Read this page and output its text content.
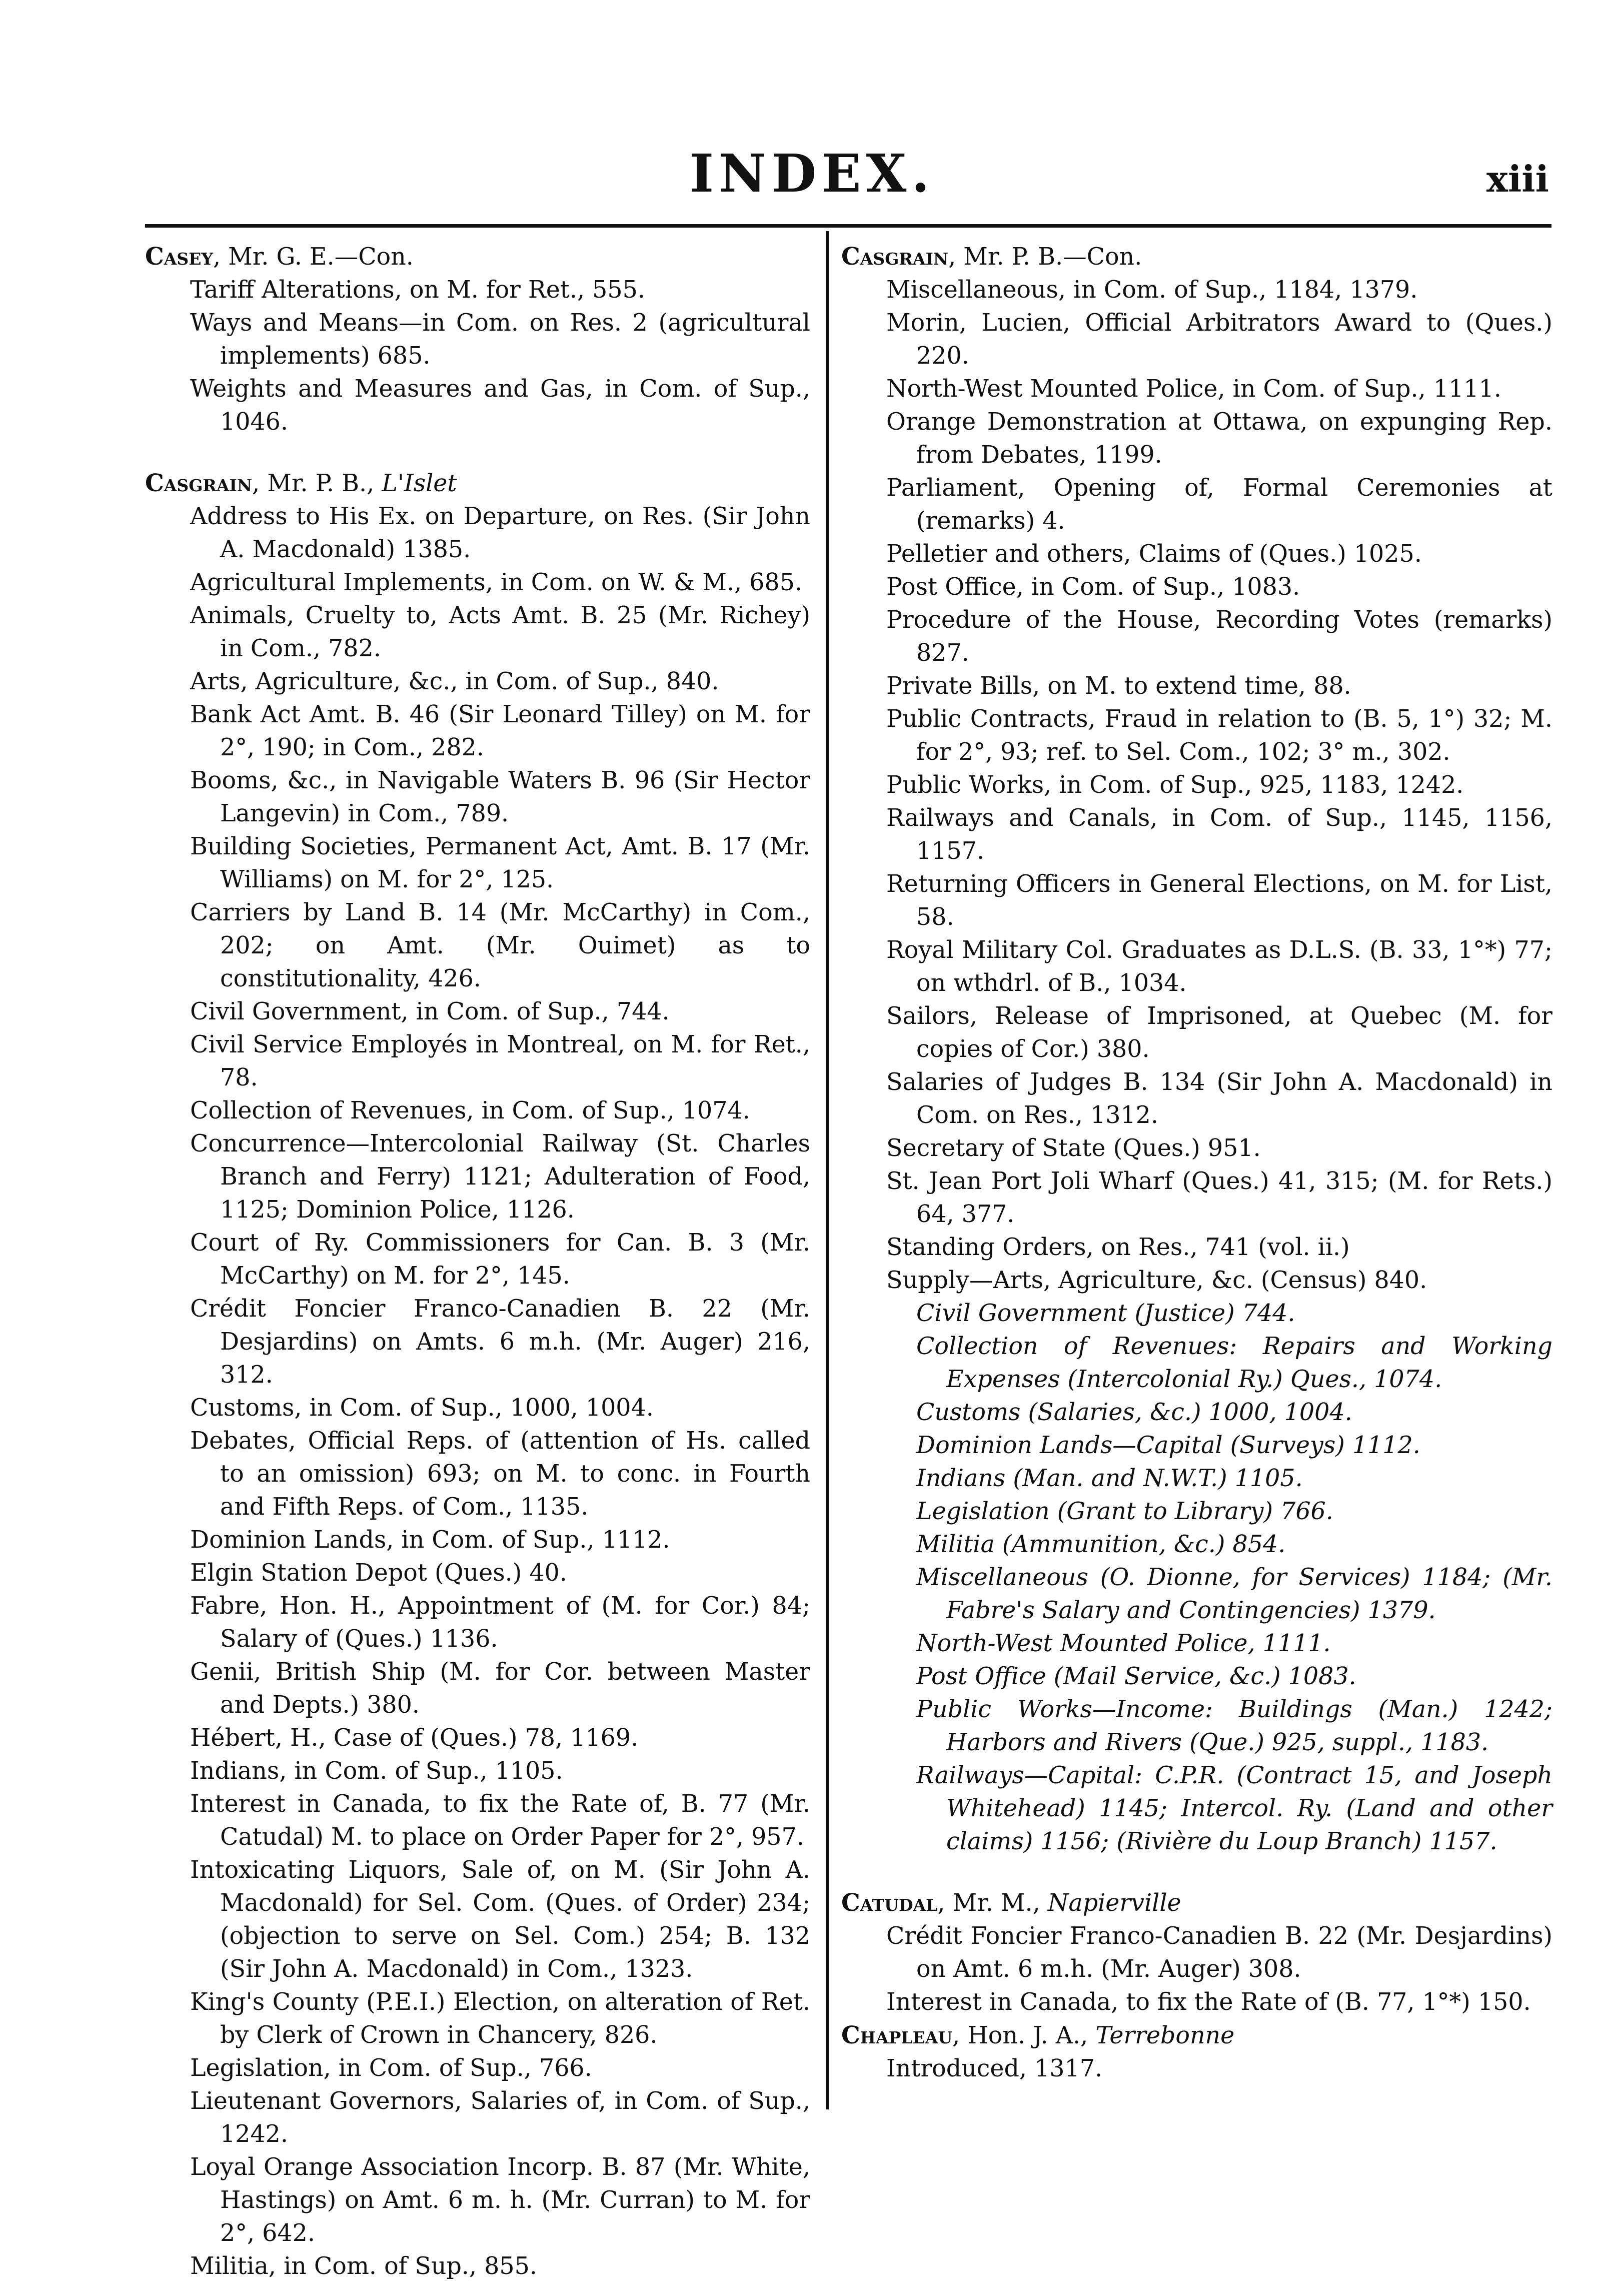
INDEX.	xiii
Casey, Mr. G. E.—Con.
Tariff Alterations, on M. for Ret., 555.
Ways and Means—in Com. on Res. 2 (agricultural implements) 685.
Weights and Measures and Gas, in Com. of Sup., 1046.
Casgrain, Mr. P. B., L'Islet
Address to His Ex. on Departure, on Res. (Sir John A. Macdonald) 1385.
Agricultural Implements, in Com. on W. & M., 685.
Animals, Cruelty to, Acts Amt. B. 25 (Mr. Richey) in Com., 782.
Arts, Agriculture, &c., in Com. of Sup., 840.
Bank Act Amt. B. 46 (Sir Leonard Tilley) on M. for 2°, 190; in Com., 282.
Booms, &c., in Navigable Waters B. 96 (Sir Hector Langevin) in Com., 789.
Building Societies, Permanent Act, Amt. B. 17 (Mr. Williams) on M. for 2°, 125.
Carriers by Land B. 14 (Mr. McCarthy) in Com., 202; on Amt. (Mr. Ouimet) as to constitutionality, 426.
Civil Government, in Com. of Sup., 744.
Civil Service Employés in Montreal, on M. for Ret., 78.
Collection of Revenues, in Com. of Sup., 1074.
Concurrence—Intercolonial Railway (St. Charles Branch and Ferry) 1121; Adulteration of Food, 1125; Dominion Police, 1126.
Court of Ry. Commissioners for Can. B. 3 (Mr. McCarthy) on M. for 2°, 145.
Crédit Foncier Franco-Canadien B. 22 (Mr. Desjardins) on Amts. 6 m.h. (Mr. Auger) 216, 312.
Customs, in Com. of Sup., 1000, 1004.
Debates, Official Reps. of (attention of Hs. called to an omission) 693; on M. to conc. in Fourth and Fifth Reps. of Com., 1135.
Dominion Lands, in Com. of Sup., 1112.
Elgin Station Depot (Ques.) 40.
Fabre, Hon. H., Appointment of (M. for Cor.) 84; Salary of (Ques.) 1136.
Genii, British Ship (M. for Cor. between Master and Depts.) 380.
Hébert, H., Case of (Ques.) 78, 1169.
Indians, in Com. of Sup., 1105.
Interest in Canada, to fix the Rate of, B. 77 (Mr. Catudal) M. to place on Order Paper for 2°, 957.
Intoxicating Liquors, Sale of, on M. (Sir John A. Macdonald) for Sel. Com. (Ques. of Order) 234; (objection to serve on Sel. Com.) 254; B. 132 (Sir John A. Macdonald) in Com., 1323.
King's County (P.E.I.) Election, on alteration of Ret. by Clerk of Crown in Chancery, 826.
Legislation, in Com. of Sup., 766.
Lieutenant Governors, Salaries of, in Com. of Sup., 1242.
Loyal Orange Association Incorp. B. 87 (Mr. White, Hastings) on Amt. 6 m. h. (Mr. Curran) to M. for 2°, 642.
Militia, in Com. of Sup., 855.
Casgrain, Mr. P. B.—Con.
Miscellaneous, in Com. of Sup., 1184, 1379.
Morin, Lucien, Official Arbitrators Award to (Ques.) 220.
North-West Mounted Police, in Com. of Sup., 1111.
Orange Demonstration at Ottawa, on expunging Rep. from Debates, 1199.
Parliament, Opening of, Formal Ceremonies at (remarks) 4.
Pelletier and others, Claims of (Ques.) 1025.
Post Office, in Com. of Sup., 1083.
Procedure of the House, Recording Votes (remarks) 827.
Private Bills, on M. to extend time, 88.
Public Contracts, Fraud in relation to (B. 5, 1°) 32; M. for 2°, 93; ref. to Sel. Com., 102; 3° m., 302.
Public Works, in Com. of Sup., 925, 1183, 1242.
Railways and Canals, in Com. of Sup., 1145, 1156, 1157.
Returning Officers in General Elections, on M. for List, 58.
Royal Military Col. Graduates as D.L.S. (B. 33, 1°*) 77; on wthdrl. of B., 1034.
Sailors, Release of Imprisoned, at Quebec (M. for copies of Cor.) 380.
Salaries of Judges B. 134 (Sir John A. Macdonald) in Com. on Res., 1312.
Secretary of State (Ques.) 951.
St. Jean Port Joli Wharf (Ques.) 41, 315; (M. for Rets.) 64, 377.
Standing Orders, on Res., 741 (vol. ii.)
Supply—Arts, Agriculture, &c. (Census) 840.
Civil Government (Justice) 744.
Collection of Revenues: Repairs and Working Expenses (Intercolonial Ry.) Ques., 1074.
Customs (Salaries, &c.) 1000, 1004.
Dominion Lands—Capital (Surveys) 1112.
Indians (Man. and N.W.T.) 1105.
Legislation (Grant to Library) 766.
Militia (Ammunition, &c.) 854.
Miscellaneous (O. Dionne, for Services) 1184; (Mr. Fabre's Salary and Contingencies) 1379.
North-West Mounted Police, 1111.
Post Office (Mail Service, &c.) 1083.
Public Works—Income: Buildings (Man.) 1242; Harbors and Rivers (Que.) 925, suppl., 1183.
Railways—Capital: C.P.R. (Contract 15, and Joseph Whitehead) 1145; Intercol. Ry. (Land and other claims) 1156; (Rivière du Loup Branch) 1157.
Catudal, Mr. M., Napierville
Crédit Foncier Franco-Canadien B. 22 (Mr. Desjardins) on Amt. 6 m.h. (Mr. Auger) 308.
Interest in Canada, to fix the Rate of (B. 77, 1°*) 150.
Chapleau, Hon. J. A., Terrebonne
Introduced, 1317.
